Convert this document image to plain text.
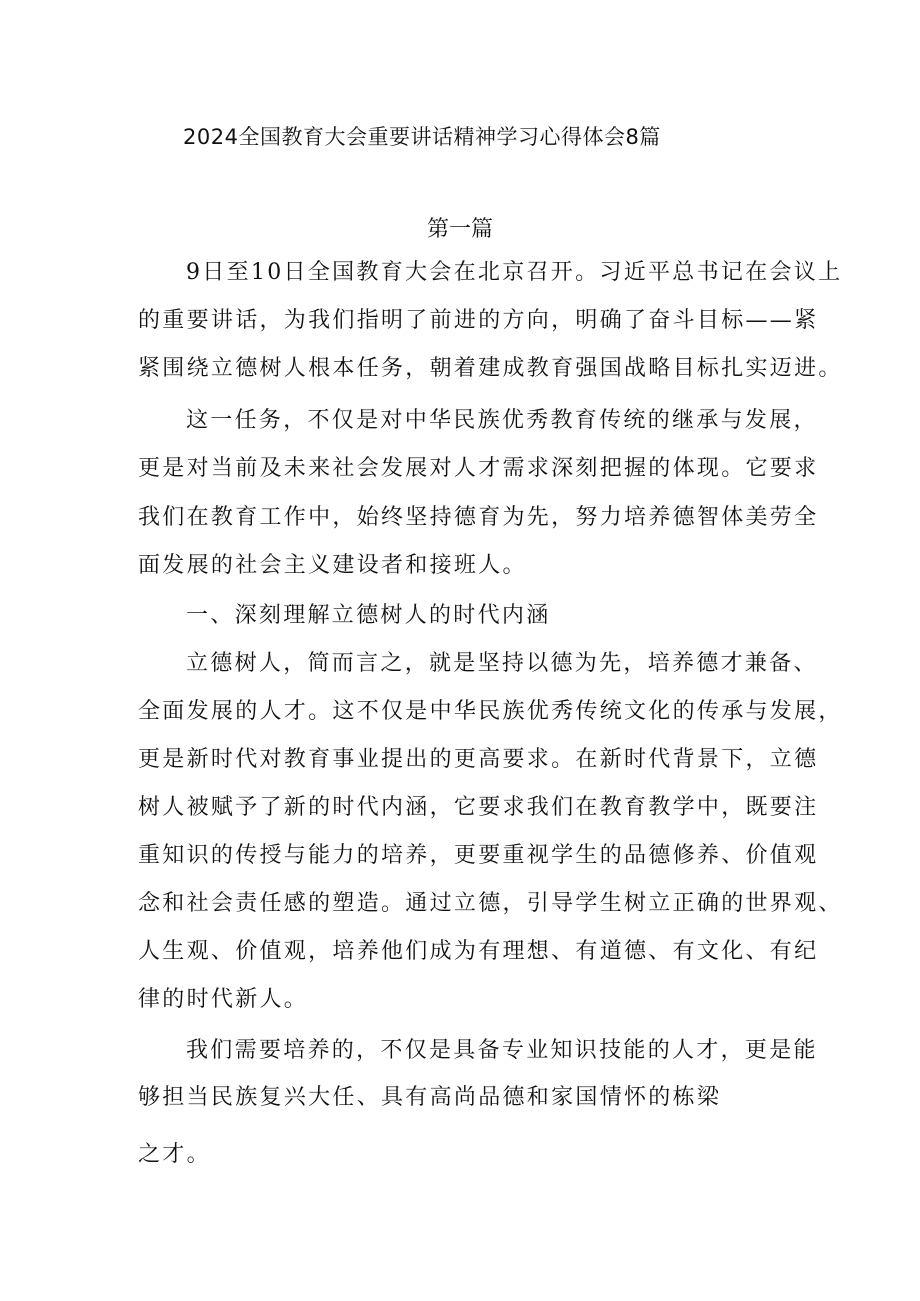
2024全国教育大会重要讲话精神学习心得体会8篇
第一篇
9日至10日全国教育大会在北京召开。习近平总书记在会议上
的重要讲话，为我们指明了前进的方向，明确了奋斗目标——紧
紧围绕立德树人根本任务，朝着建成教育强国战略目标扎实迈进。
这一任务，不仅是对中华民族优秀教育传统的继承与发展，
更是对当前及未来社会发展对人才需求深刻把握的体现。它要求
我们在教育工作中，始终坚持德育为先，努力培养德智体美劳全
面发展的社会主义建设者和接班人。
一、深刻理解立德树人的时代内涵
立德树人，简而言之，就是坚持以德为先，培养德才兼备、
全面发展的人才。这不仅是中华民族优秀传统文化的传承与发展，
更是新时代对教育事业提出的更高要求。在新时代背景下，立德
树人被赋予了新的时代内涵，它要求我们在教育教学中，既要注
重知识的传授与能力的培养，更要重视学生的品德修养、价值观
念和社会责任感的塑造。通过立德，引导学生树立正确的世界观、
人生观、价值观，培养他们成为有理想、有道德、有文化、有纪
律的时代新人。
我们需要培养的，不仅是具备专业知识技能的人才，更是能
够担当民族复兴大任、具有高尚品德和家国情怀的栋梁
之才。
